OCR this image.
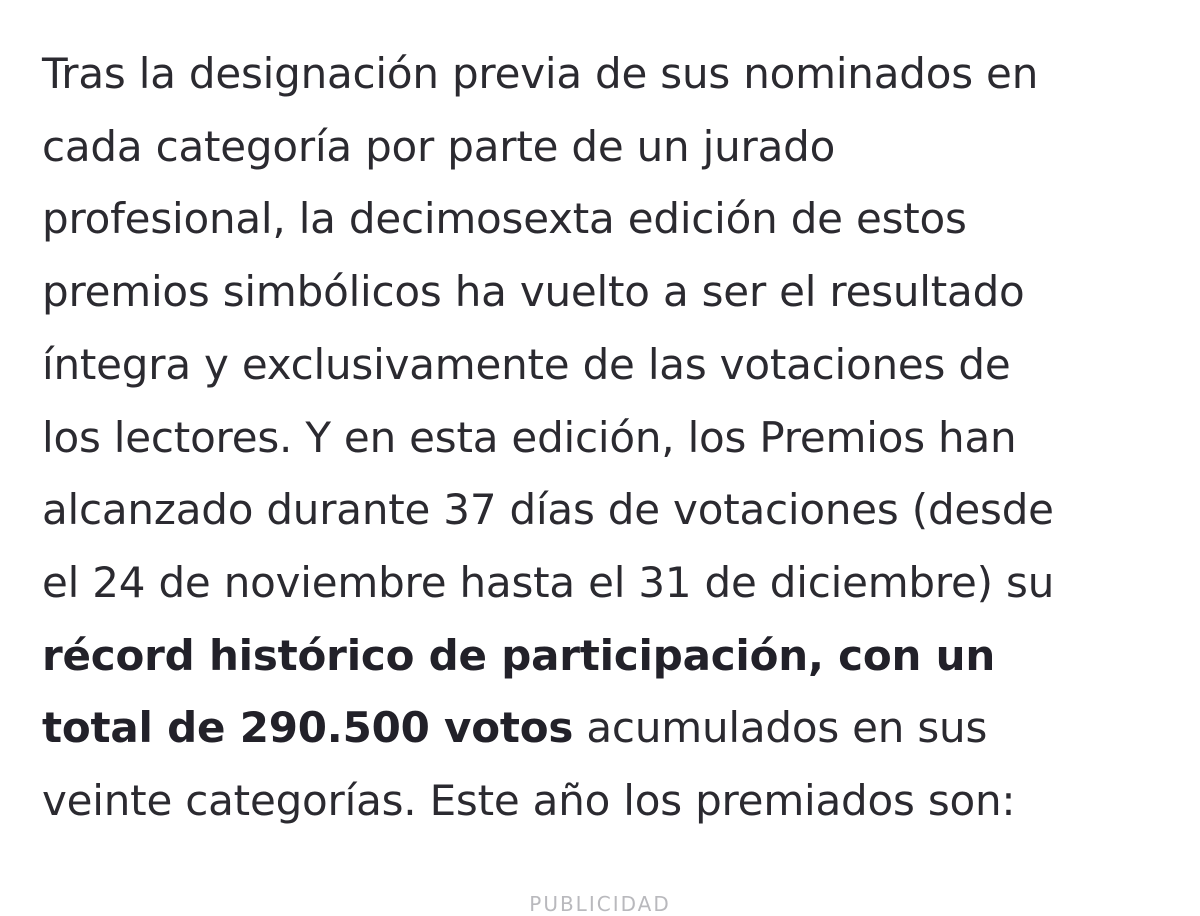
Tras la designación previa de sus nominados en
cada categoría por parte de un jurado
profesional, la decimosexta edición de estos
premios simbólicos ha vuelto a ser el resultado
íntegra y exclusivamente de las votaciones de
los lectores. Y en esta edición, los Premios han
alcanzado durante 37 días de votaciones (desde
el 24 de noviembre hasta el 31 de diciembre) su
récord histórico de participación, con un
total de 290.500 votos acumulados en sus
veinte categorías. Este año los premiados son:

PUBLICIDAD
